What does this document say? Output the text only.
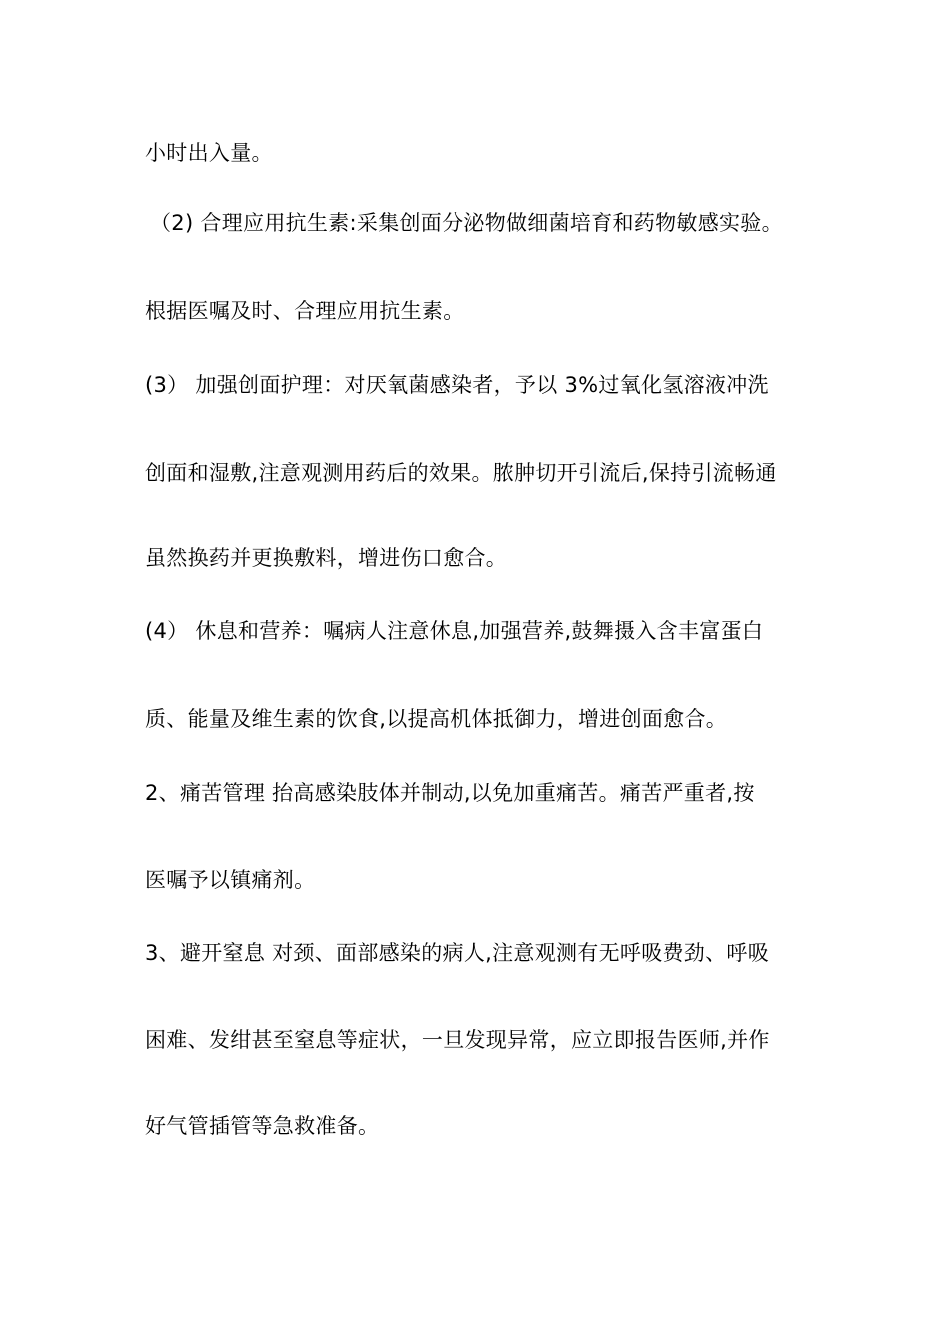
小时出入量。
（2) 合理应用抗生素:采集创面分泌物做细菌培育和药物敏感实验。
根据医嘱及时、合理应用抗生素。
(3） 加强创面护理：对厌氧菌感染者，予以 3%过氧化氢溶液冲洗
创面和湿敷,注意观测用药后的效果。脓肿切开引流后,保持引流畅通
虽然换药并更换敷料，增进伤口愈合。
(4） 休息和营养：嘱病人注意休息,加强营养,鼓舞摄入含丰富蛋白
质、能量及维生素的饮食,以提高机体抵御力，增进创面愈合。
2、痛苦管理 抬高感染肢体并制动,以免加重痛苦。痛苦严重者,按
医嘱予以镇痛剂。
3、避开窒息 对颈、面部感染的病人,注意观测有无呼吸费劲、呼吸
困难、发绀甚至窒息等症状，一旦发现异常，应立即报告医师,并作
好气管插管等急救准备。
